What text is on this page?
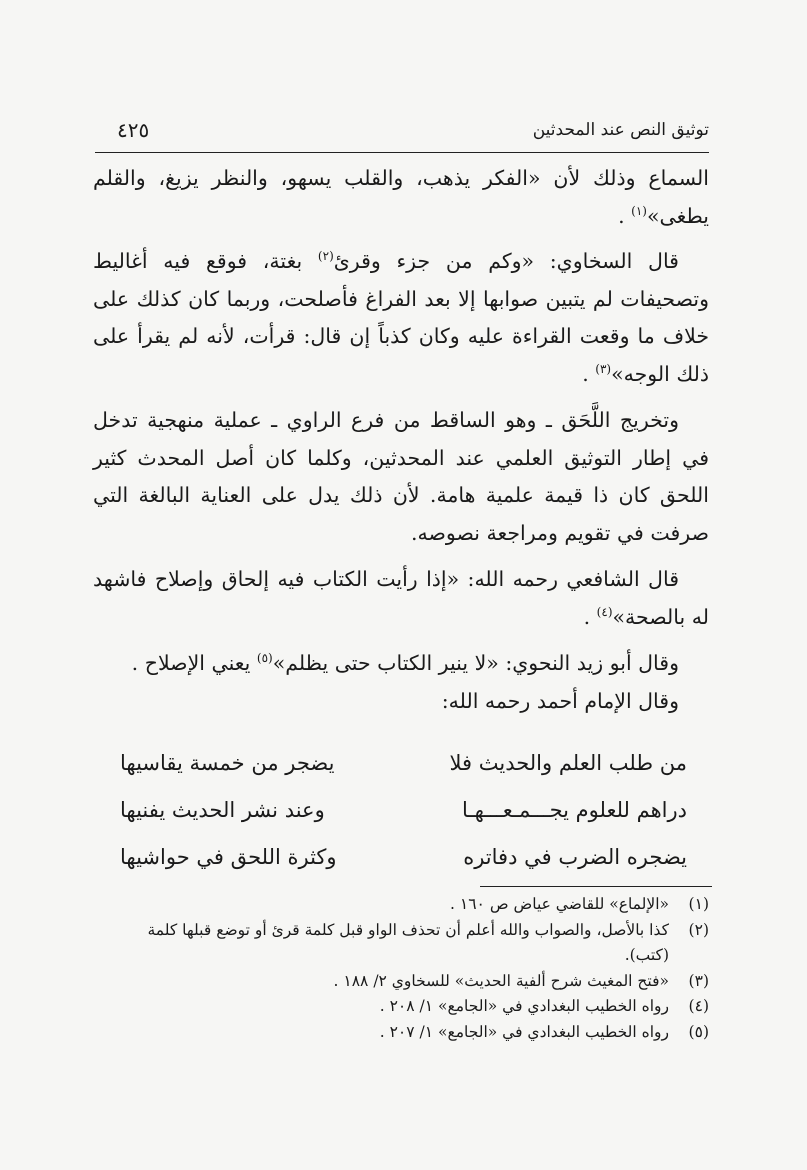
توثيق النص عند المحدثين
٤٢٥

السماع وذلك لأن «الفكر يذهب، والقلب يسهو، والنظر يزيغ، والقلم يطغى»$^{(١)}$ .

قال السخاوي: «وكم من جزء وقرئ$^{(٢)}$ بغتة، فوقع فيه أغاليط وتصحيفات لم يتبين صوابها إلا بعد الفراغ فأصلحت، وربما كان كذلك على خلاف ما وقعت القراءة عليه وكان كذباً إن قال: قرأت، لأنه لم يقرأ على ذلك الوجه»$^{(٣)}$ .

وتخريج اللَّحَق ـ وهو الساقط من فرع الراوي ـ عملية منهجية تدخل في إطار التوثيق العلمي عند المحدثين، وكلما كان أصل المحدث كثير اللحق كان ذا قيمة علمية هامة. لأن ذلك يدل على العناية البالغة التي صرفت في تقويم ومراجعة نصوصه.

قال الشافعي رحمه الله: «إذا رأيت الكتاب فيه إلحاق وإصلاح فاشهد له بالصحة»$^{(٤)}$ .

وقال أبو زيد النحوي: «لا ينير الكتاب حتى يظلم»$^{(٥)}$ يعني الإصلاح .

وقال الإمام أحمد رحمه الله:

من طلب العلم والحديث فلا
يضجر من خمسة يقاسيها
دراهم للعلوم يجـــمـعـــهـا
وعند نشر الحديث يفنيها
يضجره الضرب في دفاتره
وكثرة اللحق في حواشيها
(١)
«الإلماع» للقاضي عياض ص ١٦٠ .
(٢)
كذا بالأصل، والصواب والله أعلم أن تحذف الواو قبل كلمة قرئ أو توضع قبلها كلمة
(كتب).
(٣)
«فتح المغيث شرح ألفية الحديث» للسخاوي ٢/ ١٨٨ .
(٤)
رواه الخطيب البغدادي في «الجامع» ١/ ٢٠٨ .
(٥)
رواه الخطيب البغدادي في «الجامع» ١/ ٢٠٧ .
